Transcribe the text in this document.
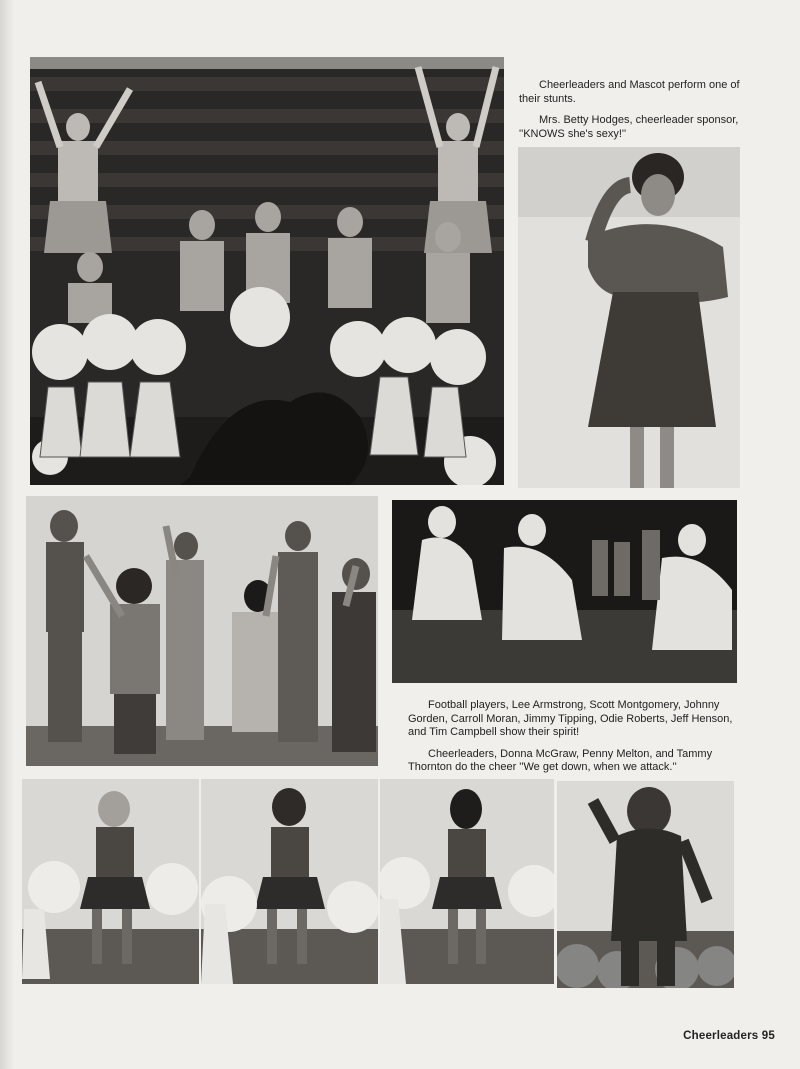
Cheerleaders and Mascot perform one of their stunts.

Mrs. Betty Hodges, cheerleader sponsor, ''KNOWS she's sexy!''

Football players, Lee Armstrong, Scott Montgomery, Johnny Gorden, Carroll Moran, Jimmy Tipping, Odie Roberts, Jeff Henson, and Tim Campbell show their spirit!

Cheerleaders, Donna McGraw, Penny Melton, and Tammy Thornton do the cheer ''We get down, when we attack.''

Cheerleaders 95
